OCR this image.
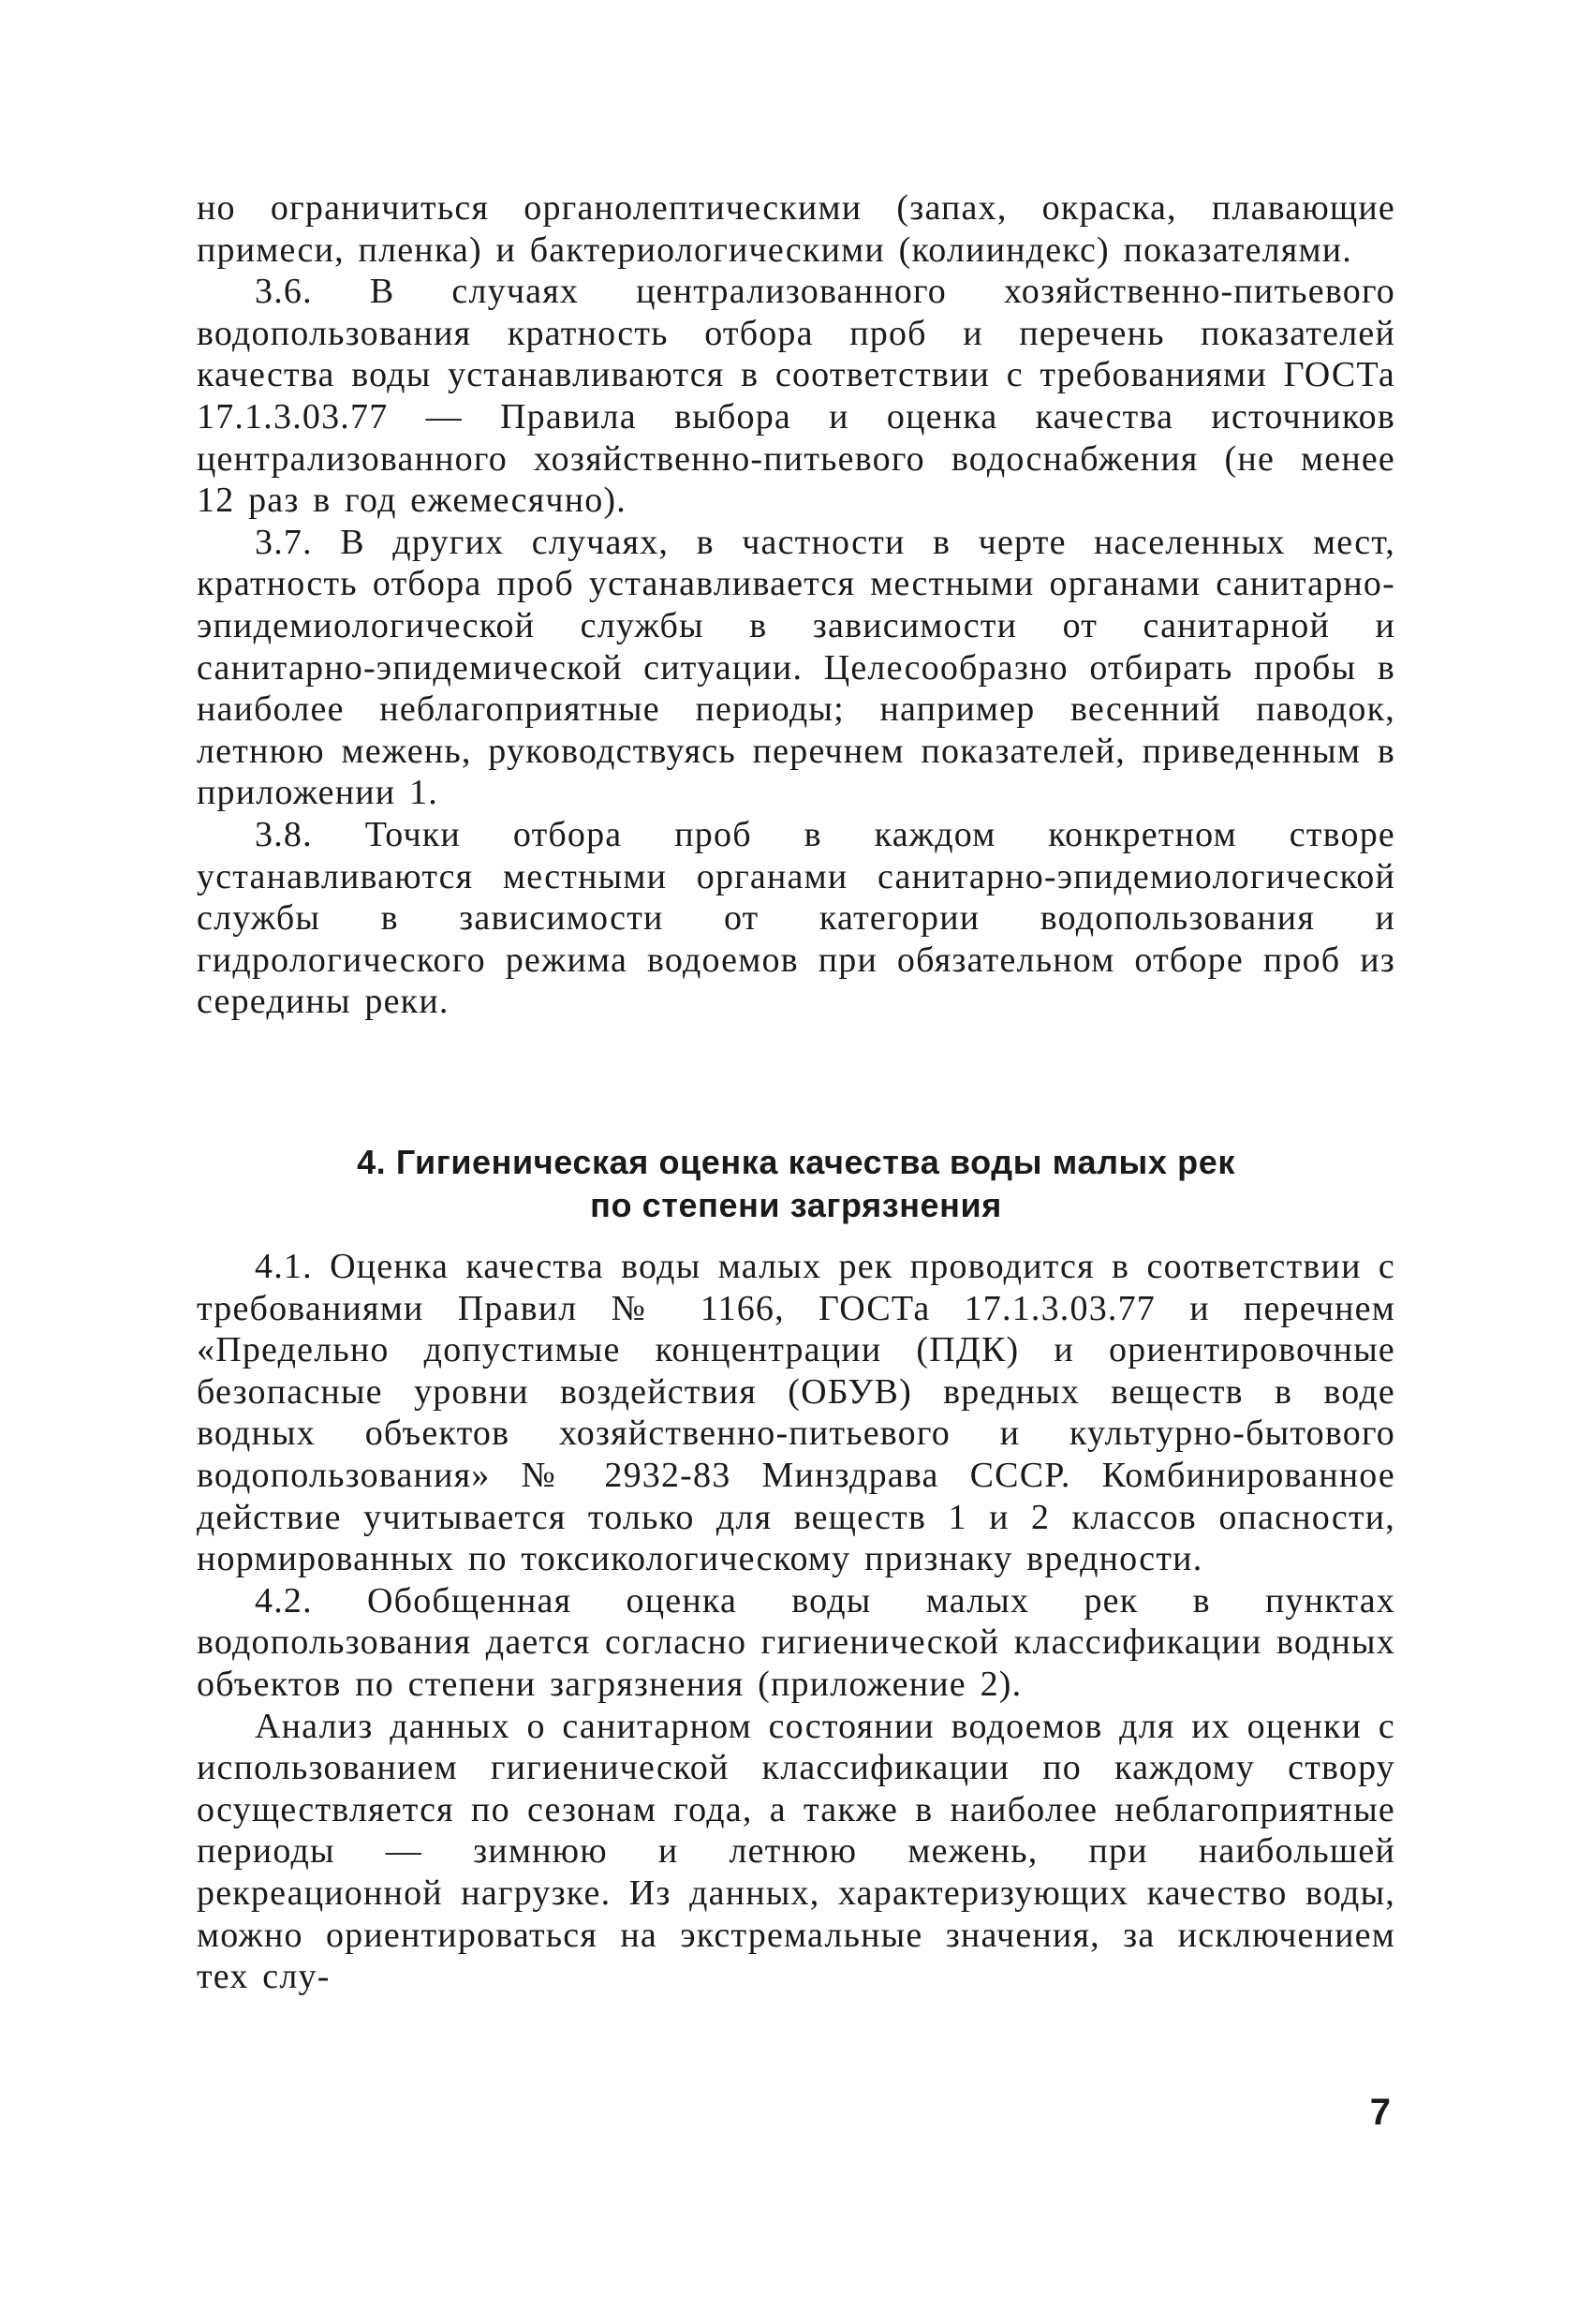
но ограничиться органолептическими (запах, окраска, плавающие примеси, пленка) и бактериологическими (колииндекс) показателями.

3.6. В случаях централизованного хозяйственно-питьевого водопользования кратность отбора проб и перечень показателей качества воды устанавливаются в соответствии с требованиями ГОСТа 17.1.3.03.77 — Правила выбора и оценка качества источников централизованного хозяйственно-питьевого водоснабжения (не менее 12 раз в год ежемесячно).

3.7. В других случаях, в частности в черте населенных мест, кратность отбора проб устанавливается местными органами санитарно-эпидемиологической службы в зависимости от санитарной и санитарно-эпидемической ситуации. Целесообразно отбирать пробы в наиболее неблагоприятные периоды; например весенний паводок, летнюю межень, руководствуясь перечнем показателей, приведенным в приложении 1.

3.8. Точки отбора проб в каждом конкретном створе устанавливаются местными органами санитарно-эпидемиологической службы в зависимости от категории водопользования и гидрологического режима водоемов при обязательном отборе проб из середины реки.

4. Гигиеническая оценка качества воды малых рек
по степени загрязнения

4.1. Оценка качества воды малых рек проводится в соответствии с требованиями Правил № 1166, ГОСТа 17.1.3.03.77 и перечнем «Предельно допустимые концентрации (ПДК) и ориентировочные безопасные уровни воздействия (ОБУВ) вредных веществ в воде водных объектов хозяйственно-питьевого и культурно-бытового водопользования» № 2932-83 Минздрава СССР. Комбинированное действие учитывается только для веществ 1 и 2 классов опасности, нормированных по токсикологическому признаку вредности.

4.2. Обобщенная оценка воды малых рек в пунктах водопользования дается согласно гигиенической классификации водных объектов по степени загрязнения (приложение 2).

Анализ данных о санитарном состоянии водоемов для их оценки с использованием гигиенической классификации по каждому створу осуществляется по сезонам года, а также в наиболее неблагоприятные периоды — зимнюю и летнюю межень, при наибольшей рекреационной нагрузке. Из данных, характеризующих качество воды, можно ориентироваться на экстремальные значения, за исключением тех слу-

7
